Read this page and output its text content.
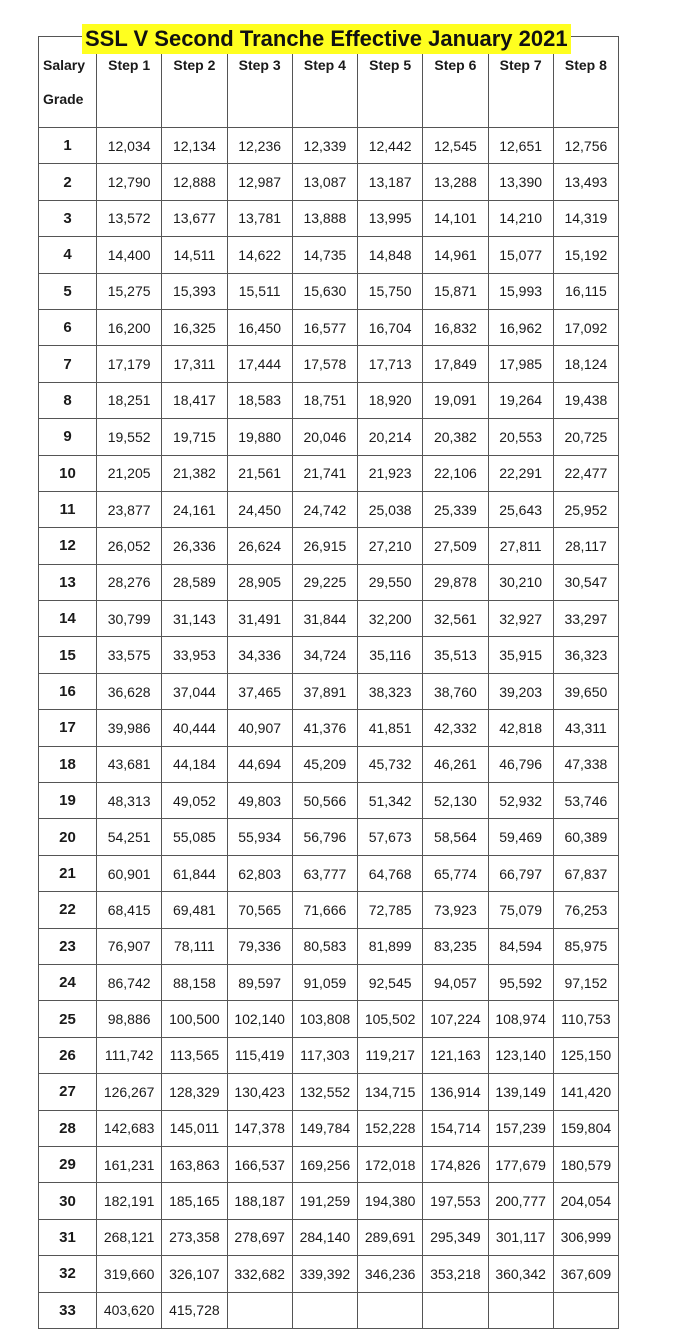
SSL V Second Tranche Effective January 2021
Salary
Grade	Step 1	Step 2	Step 3	Step 4	Step 5	Step 6	Step 7	Step 8
1	12,034	12,134	12,236	12,339	12,442	12,545	12,651	12,756
2	12,790	12,888	12,987	13,087	13,187	13,288	13,390	13,493
3	13,572	13,677	13,781	13,888	13,995	14,101	14,210	14,319
4	14,400	14,511	14,622	14,735	14,848	14,961	15,077	15,192
5	15,275	15,393	15,511	15,630	15,750	15,871	15,993	16,115
6	16,200	16,325	16,450	16,577	16,704	16,832	16,962	17,092
7	17,179	17,311	17,444	17,578	17,713	17,849	17,985	18,124
8	18,251	18,417	18,583	18,751	18,920	19,091	19,264	19,438
9	19,552	19,715	19,880	20,046	20,214	20,382	20,553	20,725
10	21,205	21,382	21,561	21,741	21,923	22,106	22,291	22,477
11	23,877	24,161	24,450	24,742	25,038	25,339	25,643	25,952
12	26,052	26,336	26,624	26,915	27,210	27,509	27,811	28,117
13	28,276	28,589	28,905	29,225	29,550	29,878	30,210	30,547
14	30,799	31,143	31,491	31,844	32,200	32,561	32,927	33,297
15	33,575	33,953	34,336	34,724	35,116	35,513	35,915	36,323
16	36,628	37,044	37,465	37,891	38,323	38,760	39,203	39,650
17	39,986	40,444	40,907	41,376	41,851	42,332	42,818	43,311
18	43,681	44,184	44,694	45,209	45,732	46,261	46,796	47,338
19	48,313	49,052	49,803	50,566	51,342	52,130	52,932	53,746
20	54,251	55,085	55,934	56,796	57,673	58,564	59,469	60,389
21	60,901	61,844	62,803	63,777	64,768	65,774	66,797	67,837
22	68,415	69,481	70,565	71,666	72,785	73,923	75,079	76,253
23	76,907	78,111	79,336	80,583	81,899	83,235	84,594	85,975
24	86,742	88,158	89,597	91,059	92,545	94,057	95,592	97,152
25	98,886	100,500	102,140	103,808	105,502	107,224	108,974	110,753
26	111,742	113,565	115,419	117,303	119,217	121,163	123,140	125,150
27	126,267	128,329	130,423	132,552	134,715	136,914	139,149	141,420
28	142,683	145,011	147,378	149,784	152,228	154,714	157,239	159,804
29	161,231	163,863	166,537	169,256	172,018	174,826	177,679	180,579
30	182,191	185,165	188,187	191,259	194,380	197,553	200,777	204,054
31	268,121	273,358	278,697	284,140	289,691	295,349	301,117	306,999
32	319,660	326,107	332,682	339,392	346,236	353,218	360,342	367,609
33	403,620	415,728						
